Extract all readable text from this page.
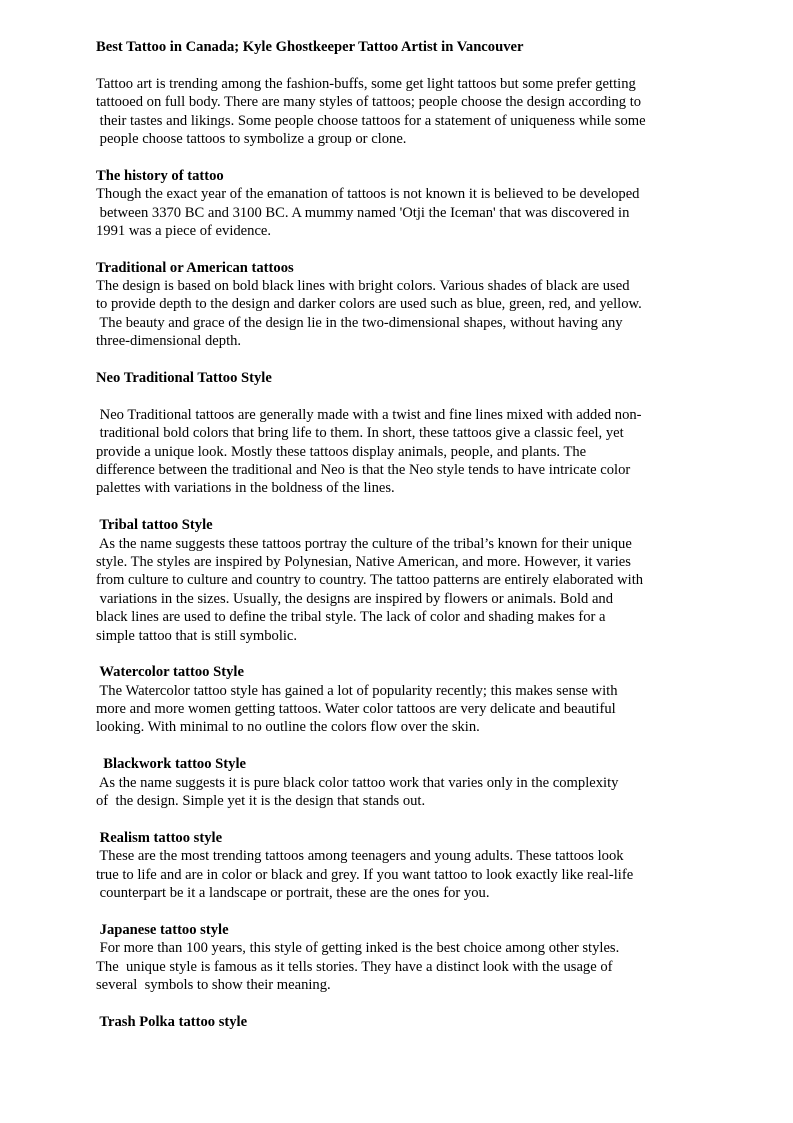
Best Tattoo in Canada; Kyle Ghostkeeper Tattoo Artist in Vancouver
Tattoo art is trending among the fashion-buffs, some get light tattoos but some prefer getting
tattooed on full body. There are many styles of tattoos; people choose the design according to
their tastes and likings. Some people choose tattoos for a statement of uniqueness while some
people choose tattoos to symbolize a group or clone.
The history of tattoo
Though the exact year of the emanation of tattoos is not known it is believed to be developed
between 3370 BC and 3100 BC. A mummy named 'Otji the Iceman' that was discovered in
1991 was a piece of evidence.
Traditional or American tattoos
The design is based on bold black lines with bright colors. Various shades of black are used
to provide depth to the design and darker colors are used such as blue, green, red, and yellow.
The beauty and grace of the design lie in the two-dimensional shapes, without having any
three-dimensional depth.
Neo Traditional Tattoo Style
Neo Traditional tattoos are generally made with a twist and fine lines mixed with added non-
traditional bold colors that bring life to them. In short, these tattoos give a classic feel, yet
provide a unique look. Mostly these tattoos display animals, people, and plants. The
difference between the traditional and Neo is that the Neo style tends to have intricate color
palettes with variations in the boldness of the lines.
Tribal tattoo Style
As the name suggests these tattoos portray the culture of the tribal’s known for their unique
style. The styles are inspired by Polynesian, Native American, and more. However, it varies
from culture to culture and country to country. The tattoo patterns are entirely elaborated with
variations in the sizes. Usually, the designs are inspired by flowers or animals. Bold and
black lines are used to define the tribal style. The lack of color and shading makes for a
simple tattoo that is still symbolic.
Watercolor tattoo Style
The Watercolor tattoo style has gained a lot of popularity recently; this makes sense with
more and more women getting tattoos. Water color tattoos are very delicate and beautiful
looking. With minimal to no outline the colors flow over the skin.
Blackwork tattoo Style
As the name suggests it is pure black color tattoo work that varies only in the complexity
of  the design. Simple yet it is the design that stands out.
Realism tattoo style
These are the most trending tattoos among teenagers and young adults. These tattoos look
true to life and are in color or black and grey. If you want tattoo to look exactly like real-life
counterpart be it a landscape or portrait, these are the ones for you.
Japanese tattoo style
For more than 100 years, this style of getting inked is the best choice among other styles.
The  unique style is famous as it tells stories. They have a distinct look with the usage of
several  symbols to show their meaning.
Trash Polka tattoo style
